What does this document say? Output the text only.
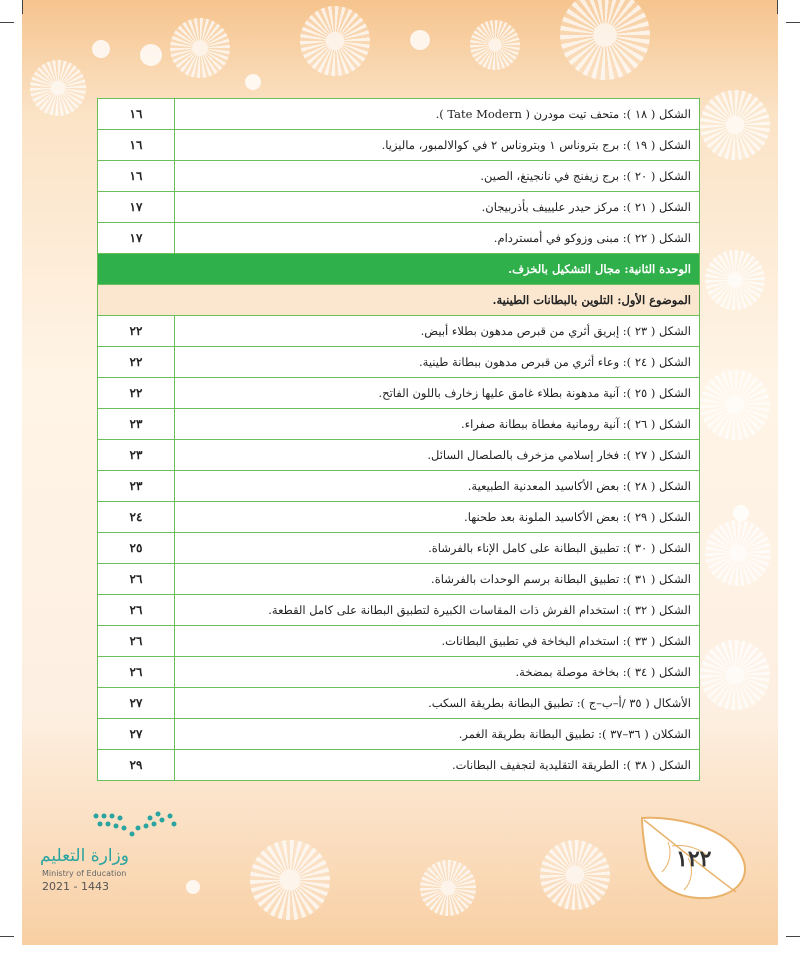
الشكل ( ١٨ ): متحف تيت مودرن ( Tate Modern ).	١٦
الشكل ( ١٩ ): برج بتروناس ١ وبتروناس ٢ في كوالالمبور، ماليزيا.	١٦
الشكل ( ٢٠ ): برج زيفنج في نانجينغ، الصين.	١٦
الشكل ( ٢١ ): مركز حيدر عليييف بأذربيجان.	١٧
الشكل ( ٢٢ ): مبنى وزوكو في أمستردام.	١٧
الوحدة الثانية: مجال التشكيل بالخزف.	
الموضوع الأول: التلوين بالبطانات الطينية.	
الشكل ( ٢٣ ): إبريق أثري من قبرص مدهون بطلاء أبيض.	٢٢
الشكل ( ٢٤ ): وعاء أثري من قبرص مدهون ببطانة طينية.	٢٢
الشكل ( ٢٥ ): آنية مدهونة بطلاء غامق عليها زخارف باللون الفاتح.	٢٢
الشكل ( ٢٦ ): آنية رومانية مغطاة ببطانة صفراء.	٢٣
الشكل ( ٢٧ ): فخار إسلامي مزخرف بالصلصال السائل.	٢٣
الشكل ( ٢٨ ): بعض الأكاسيد المعدنية الطبيعية.	٢٣
الشكل ( ٢٩ ): بعض الأكاسيد الملونة بعد طحنها.	٢٤
الشكل ( ٣٠ ): تطبيق البطانة على كامل الإناء بالفرشاة.	٢٥
الشكل ( ٣١ ): تطبيق البطانة برسم الوحدات بالفرشاة.	٢٦
الشكل ( ٣٢ ): استخدام الفرش ذات المقاسات الكبيرة لتطبيق البطانة على كامل القطعة.	٢٦
الشكل ( ٣٣ ): استخدام البخاخة في تطبيق البطانات.	٢٦
الشكل ( ٣٤ ): بخاخة موصلة بمضخة.	٢٦
الأشكال ( ٣٥ /أ–ب–ج ): تطبيق البطانة بطريقة السكب.	٢٧
الشكلان ( ٣٦–٣٧ ): تطبيق البطانة بطريقة الغمر.	٢٧
الشكل ( ٣٨ ): الطريقة التقليدية لتجفيف البطانات.	٢٩
١٢٢
وزارة التعليم
Ministry of Education
2021 - 1443
